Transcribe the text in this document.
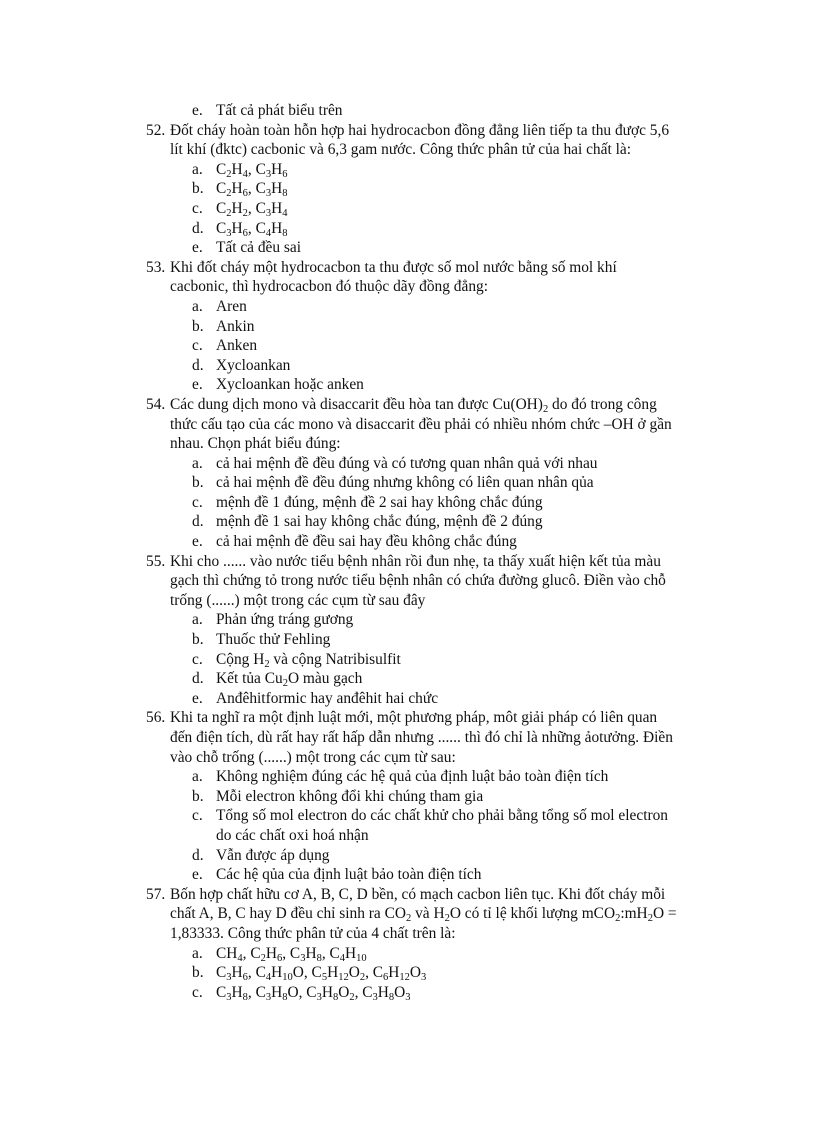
e. Tất cả phát biểu trên
52. Đốt cháy hoàn toàn hỗn hợp hai hydrocacbon đồng đẳng liên tiếp ta thu được 5,6
lít khí (đktc) cacbonic và 6,3 gam nước. Công thức phân tử của hai chất là:
a. $C_2H_4$, $C_3H_6$
b. $C_2H_6$, $C_3H_8$
c. $C_2H_2$, $C_3H_4$
d. $C_3H_6$, $C_4H_8$
e. Tất cả đều sai
53. Khi đốt cháy một hydrocacbon ta thu được số mol nước bằng số mol khí
cacbonic, thì hydrocacbon đó thuộc dãy đồng đẳng:
a. Aren
b. Ankin
c. Anken
d. Xycloankan
e. Xycloankan hoặc anken
54. Các dung dịch mono và disaccarit đều hòa tan được $Cu(OH)_2$ do đó trong công
thức cấu tạo của các mono và disaccarit đều phải có nhiều nhóm chức –OH ở gần
nhau. Chọn phát biểu đúng:
a. cả hai mệnh đề đều đúng và có tương quan nhân quả với nhau
b. cả hai mệnh đề đều đúng nhưng không có liên quan nhân qủa
c. mệnh đề 1 đúng, mệnh đề 2 sai hay không chắc đúng
d. mệnh đề 1 sai hay không chắc đúng, mệnh đề 2 đúng
e. cả hai mệnh đề đều sai hay đều không chắc đúng
55. Khi cho ...... vào nước tiểu bệnh nhân rồi đun nhẹ, ta thấy xuất hiện kết tủa màu
gạch thì chứng tỏ trong nước tiểu bệnh nhân có chứa đường glucô. Điền vào chỗ
trống (......) một trong các cụm từ sau đây
a. Phản ứng tráng gương
b. Thuốc thử Fehling
c. Cộng $H_2$ và cộng Natribisulfit
d. Kết tủa $Cu_2O$ màu gạch
e. Anđêhitformic hay anđêhit hai chức
56. Khi ta nghĩ ra một định luật mới, một phương pháp, môt giải pháp có liên quan
đến điện tích, dù rất hay rất hấp dẫn nhưng ...... thì đó chỉ là những ảotưởng. Điền
vào chỗ trống (......) một trong các cụm từ sau:
a. Không nghiệm đúng các hệ quả của định luật bảo toàn điện tích
b. Mỗi electron không đổi khi chúng tham gia
c. Tổng số mol electron do các chất khử cho phải bằng tổng số mol electron
do các chất oxi hoá nhận
d. Vẫn được áp dụng
e. Các hệ qủa của định luật bảo toàn điện tích
57. Bốn hợp chất hữu cơ A, B, C, D bền, có mạch cacbon liên tục. Khi đốt cháy mỗi
chất A, B, C hay D đều chỉ sinh ra $CO_2$ và $H_2O$ có tỉ lệ khối lượng $mCO_2:mH_2O$ =
1,83333. Công thức phân tử của 4 chất trên là:
a. $CH_4$, $C_2H_6$, $C_3H_8$, $C_4H_{10}$
b. $C_3H_6$, $C_4H_{10}O$, $C_5H_{12}O_2$, $C_6H_{12}O_3$
c. $C_3H_8$, $C_3H_8O$, $C_3H_8O_2$, $C_3H_8O_3$
